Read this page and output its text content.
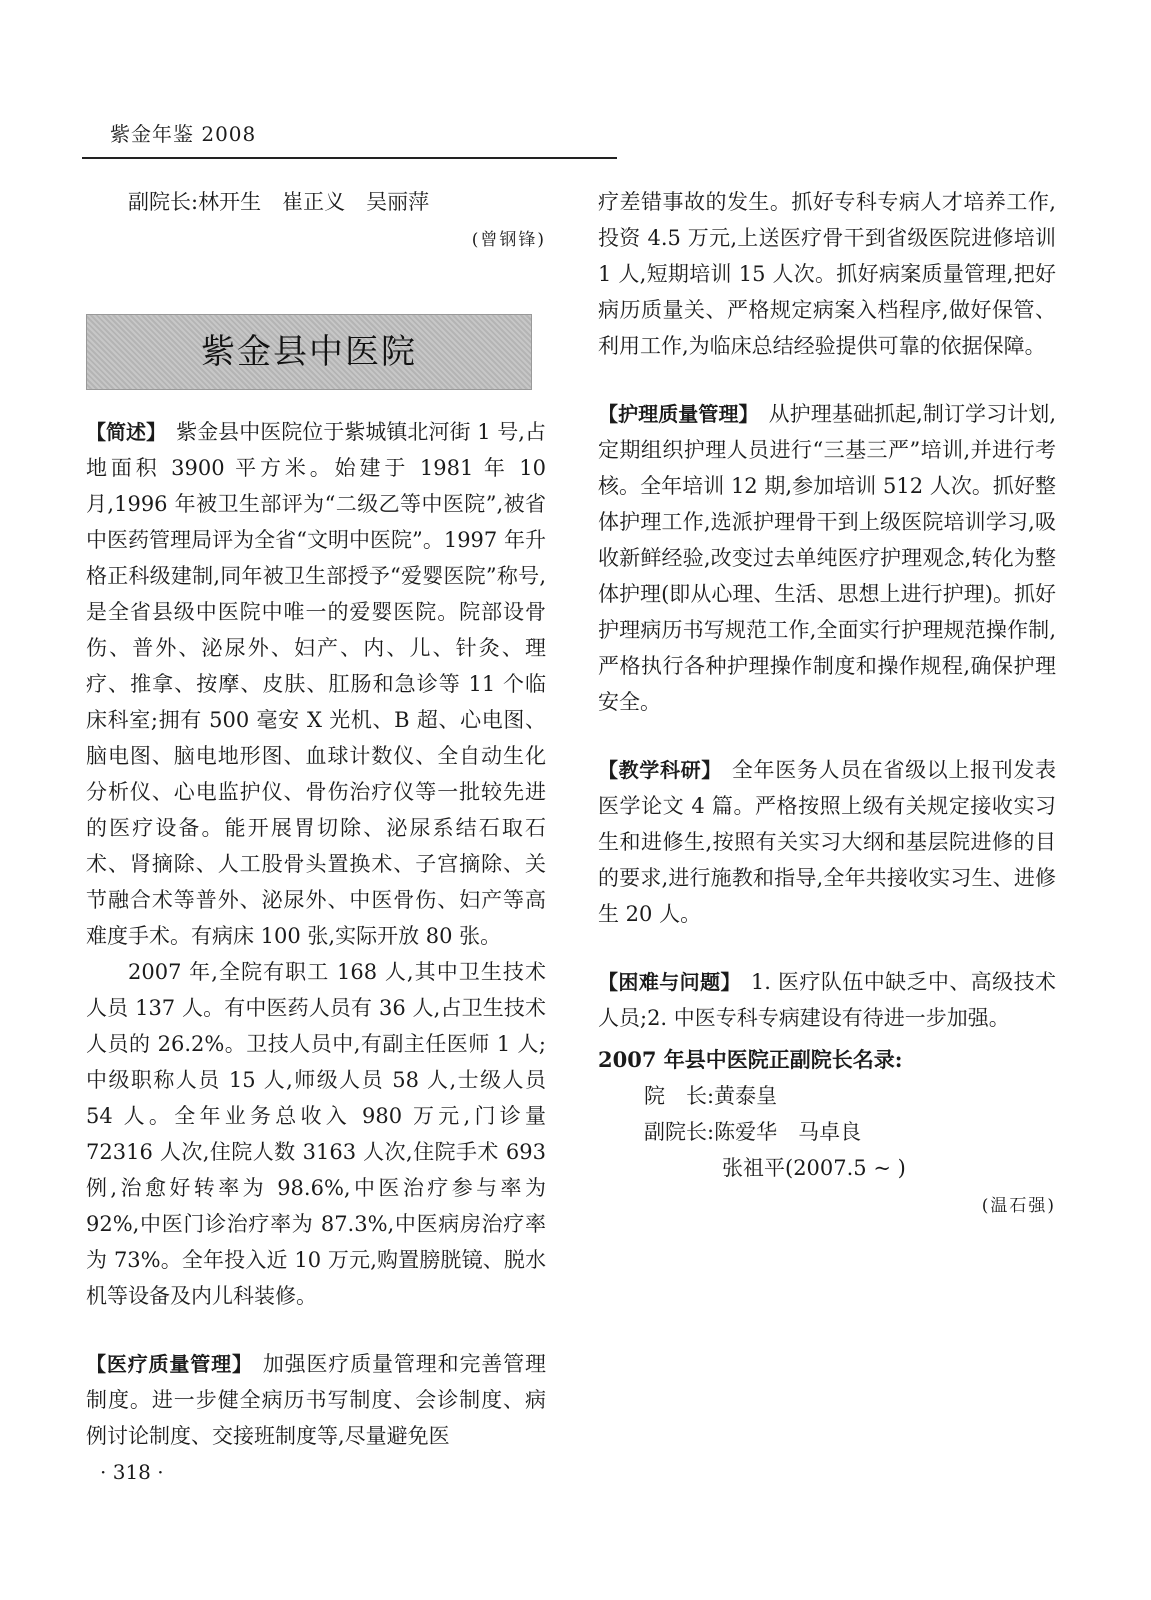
紫金年鉴 2008

副院长:林开生　崔正义　吴丽萍

(曾钢锋)

紫金县中医院

【简述】 紫金县中医院位于紫城镇北河街 1 号,占地面积 3900 平方米。始建于 1981 年 10 月,1996 年被卫生部评为“二级乙等中医院”,被省中医药管理局评为全省“文明中医院”。1997 年升格正科级建制,同年被卫生部授予“爱婴医院”称号,是全省县级中医院中唯一的爱婴医院。院部设骨伤、普外、泌尿外、妇产、内、儿、针灸、理疗、推拿、按摩、皮肤、肛肠和急诊等 11 个临床科室;拥有 500 毫安 X 光机、B 超、心电图、脑电图、脑电地形图、血球计数仪、全自动生化分析仪、心电监护仪、骨伤治疗仪等一批较先进的医疗设备。能开展胃切除、泌尿系结石取石术、肾摘除、人工股骨头置换术、子宫摘除、关节融合术等普外、泌尿外、中医骨伤、妇产等高难度手术。有病床 100 张,实际开放 80 张。

2007 年,全院有职工 168 人,其中卫生技术人员 137 人。有中医药人员有 36 人,占卫生技术人员的 26.2%。卫技人员中,有副主任医师 1 人;中级职称人员 15 人,师级人员 58 人,士级人员 54 人。全年业务总收入 980 万元,门诊量 72316 人次,住院人数 3163 人次,住院手术 693 例,治愈好转率为 98.6%,中医治疗参与率为 92%,中医门诊治疗率为 87.3%,中医病房治疗率为 73%。全年投入近 10 万元,购置膀胱镜、脱水机等设备及内儿科装修。

【医疗质量管理】 加强医疗质量管理和完善管理制度。进一步健全病历书写制度、会诊制度、病例讨论制度、交接班制度等,尽量避免医

疗差错事故的发生。抓好专科专病人才培养工作,投资 4.5 万元,上送医疗骨干到省级医院进修培训 1 人,短期培训 15 人次。抓好病案质量管理,把好病历质量关、严格规定病案入档程序,做好保管、利用工作,为临床总结经验提供可靠的依据保障。

【护理质量管理】 从护理基础抓起,制订学习计划,定期组织护理人员进行“三基三严”培训,并进行考核。全年培训 12 期,参加培训 512 人次。抓好整体护理工作,选派护理骨干到上级医院培训学习,吸收新鲜经验,改变过去单纯医疗护理观念,转化为整体护理(即从心理、生活、思想上进行护理)。抓好护理病历书写规范工作,全面实行护理规范操作制,严格执行各种护理操作制度和操作规程,确保护理安全。

【教学科研】 全年医务人员在省级以上报刊发表医学论文 4 篇。严格按照上级有关规定接收实习生和进修生,按照有关实习大纲和基层院进修的目的要求,进行施教和指导,全年共接收实习生、进修生 20 人。

【困难与问题】 1. 医疗队伍中缺乏中、高级技术人员;2. 中医专科专病建设有待进一步加强。

2007 年县中医院正副院长名录:

院　长:黄泰皇

副院长:陈爱华　马卓良

张祖平(2007.5 ~ )

(温石强)

· 318 ·
